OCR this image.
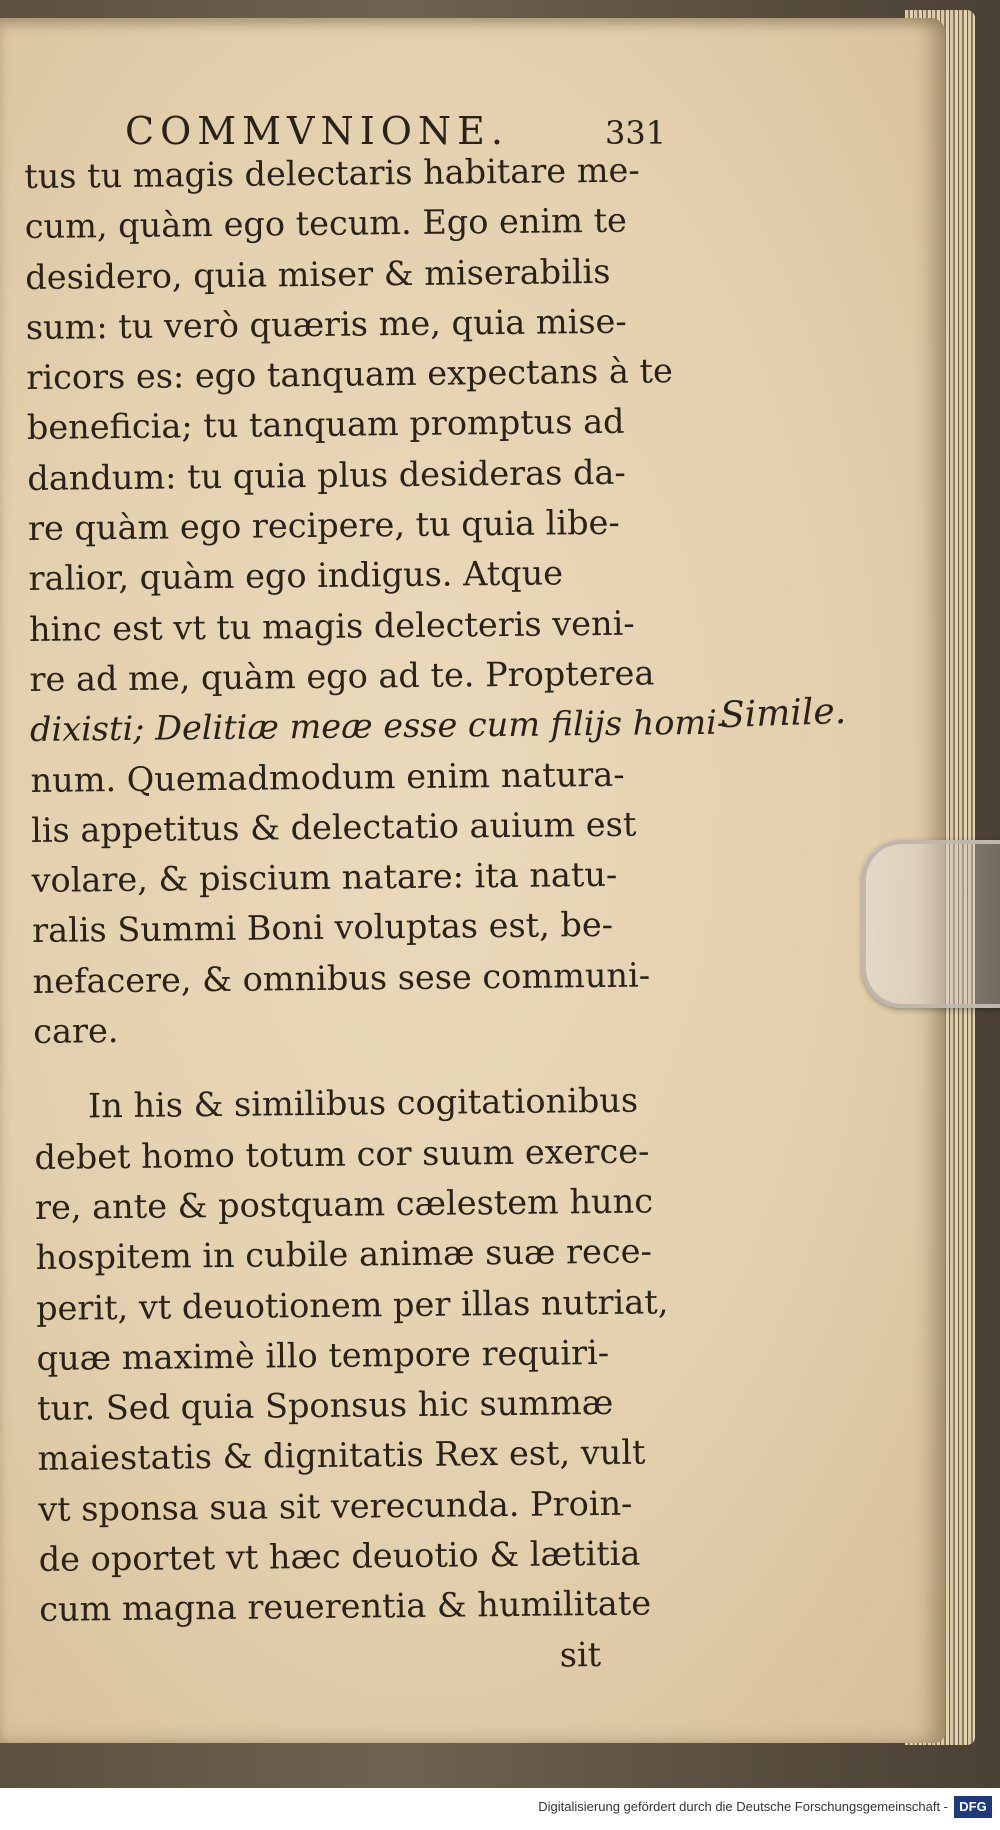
COMMVNIONE.	331
tus tu magis delectaris habitare me-
cum, quàm ego tecum. Ego enim te
desidero, quia miser & miserabilis
sum: tu verò quæris me, quia mise-
ricors es: ego tanquam expectans à te
beneficia; tu tanquam promptus ad
dandum: tu quia plus desideras da-
re quàm ego recipere, tu quia libe-
ralior, quàm ego indigus. Atque
hinc est vt tu magis delecteris veni-
re ad me, quàm ego ad te. Propterea
dixisti; Delitiæ meæ esse cum filijs homi-
num. Quemadmodum enim natura-
lis appetitus & delectatio auium est
volare, & piscium natare: ita natu-
ralis Summi Boni voluptas est, be-
nefacere, & omnibus sese communi-
care.
In his & similibus cogitationibus
debet homo totum cor suum exerce-
re, ante & postquam cælestem hunc
hospitem in cubile animæ suæ rece-
perit, vt deuotionem per illas nutriat,
quæ maximè illo tempore requiri-
tur. Sed quia Sponsus hic summæ
maiestatis & dignitatis Rex est, vult
vt sponsa sua sit verecunda. Proin-
de oportet vt hæc deuotio & lætitia
cum magna reuerentia & humilitate
sit
Simile.
Digitalisierung gefördert durch die Deutsche Forschungsgemeinschaft - DFG
